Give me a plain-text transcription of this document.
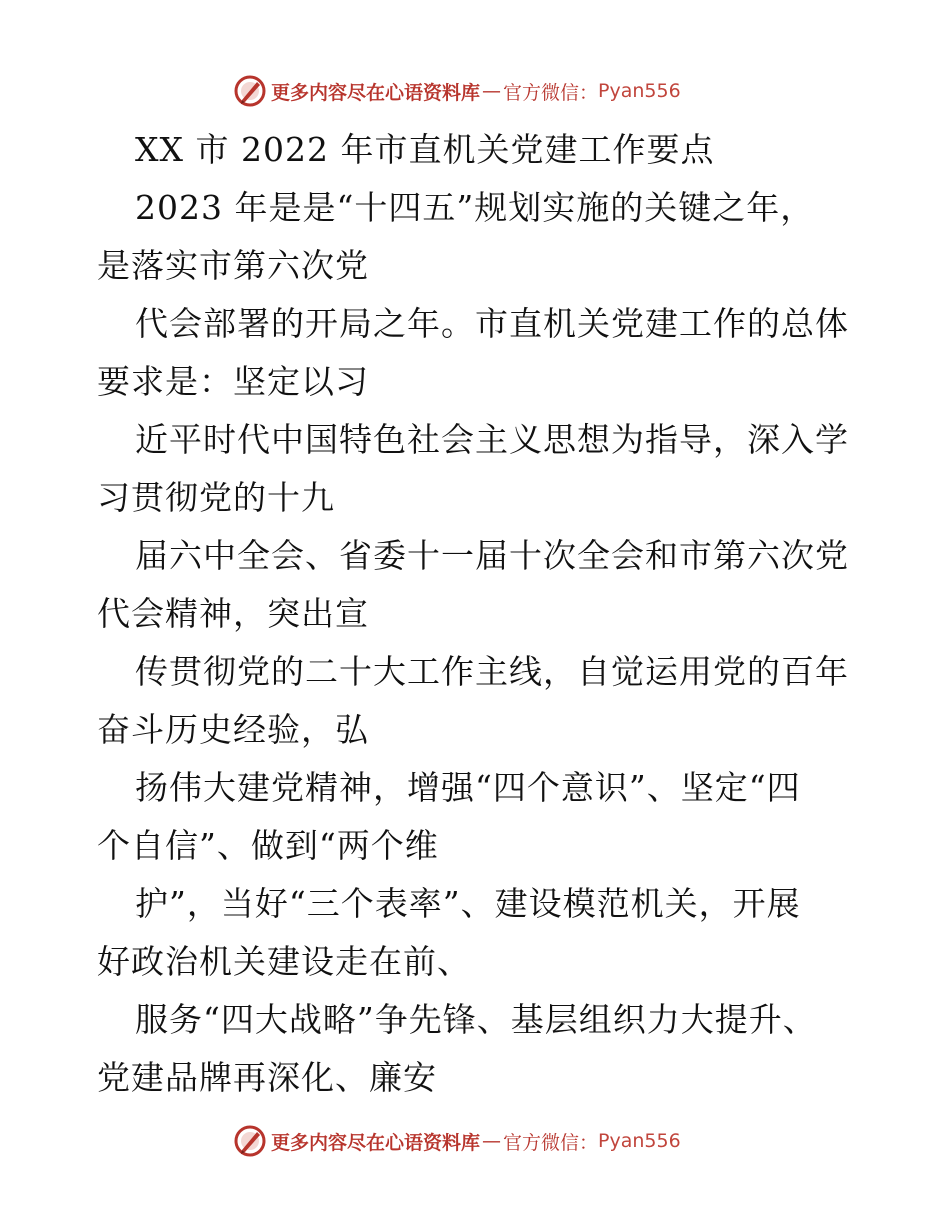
更多内容尽在心语资料库 — 官方微信： Pyan556
XX 市 2022 年市直机关党建工作要点
2023 年是是“十四五”规划实施的关键之年，
是落实市第六次党
代会部署的开局之年。市直机关党建工作的总体
要求是：坚定以习
近平时代中国特色社会主义思想为指导，深入学
习贯彻党的十九
届六中全会、省委十一届十次全会和市第六次党
代会精神，突出宣
传贯彻党的二十大工作主线，自觉运用党的百年
奋斗历史经验，弘
扬伟大建党精神，增强“四个意识”、坚定“四
个自信”、做到“两个维
护”，当好“三个表率”、建设模范机关，开展
好政治机关建设走在前、
服务“四大战略”争先锋、基层组织力大提升、
党建品牌再深化、廉安
更多内容尽在心语资料库 — 官方微信： Pyan556
